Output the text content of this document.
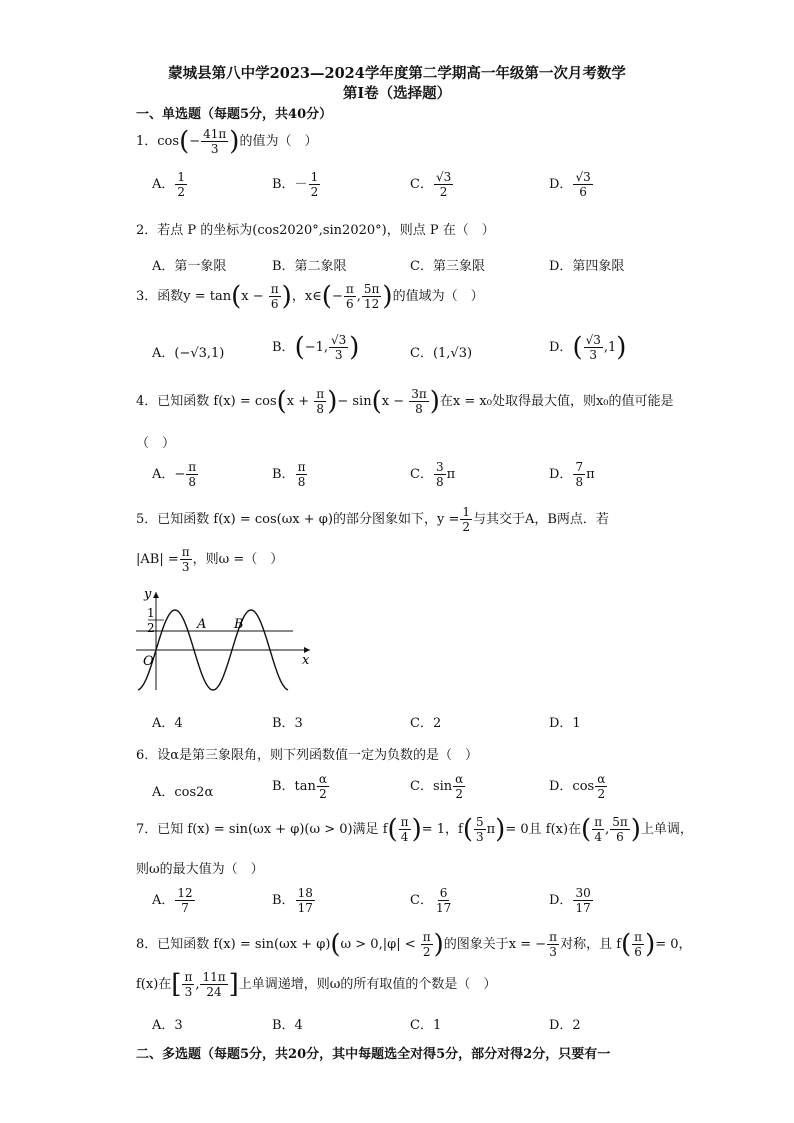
蒙城县第八中学2023—2024学年度第二学期高一年级第一次月考数学
第I卷（选择题）
一、单选题（每题5分，共40分）
1．$\cos(- \frac{41\pi}{3}$ )的值为（　）
A． $\frac{1}{2}$	B．－ $\frac{1}{2}$	C． $\frac{√3}{2}$	D． $\frac{√3}{6}$
2．若点 P 的坐标为(cos2020°,sin2020°)，则点 P 在（　）
A．第一象限	B．第二象限	C．第三象限	D．第四象限
3．函数$y = \tan(x - \frac{\pi}{6}$ )，x∈(− $\frac{\pi}{6}$ , $\frac{5\pi}{12}$ )的值域为（　）
A．(−√3,1)	B．(−1, $\frac{√3}{3}$ )	C．(1,√3)	D．( $\frac{√3}{3} ,1$)
4．已知函数 $f(x) = \cos(x + \frac{\pi}{8}$ )− $\sin(x - \frac{3\pi}{8}$ )在x = x₀处取得最大值，则x₀的值可能是
（　）
A．− $\frac{\pi}{8}$	B． $\frac{\pi}{8}$	C． $\frac{3}{8}$ π	D． $\frac{7}{8}$ π
5．已知函数 f(x) = cos(ωx + φ)的部分图象如下，$y = \frac{1}{2}$ 与其交于A，B两点．若
$|AB| = \frac{\pi}{3}$ ，则ω =（　）
y
x
O
1
2	A B
A．4	B．3	C．2	D．1
6．设α是第三象限角，则下列函数值一定为负数的是（　）
A．cos2α	B．$\tan \frac{\alpha}{2}$	C．$\sin \frac{\alpha}{2}$	D．$\cos \frac{\alpha}{2}$
7．已知 f(x) = sin(ωx + φ)(ω > 0)满足 $f( \frac{\pi}{4}$ )= 1，$f( \frac{5}{3} \pi)= 0$且 f(x)在( $\frac{\pi}{4}$ , $\frac{5\pi}{6}$ )上单调，
则ω的最大值为（　）
A． $\frac{12}{7}$	B． $\frac{18}{17}$	C． $\frac{6}{17}$	D． $\frac{30}{17}$
8．已知函数 $f(x) = \sin(\omega x + \varphi)(\omega > 0,|\varphi| < \frac{\pi}{2}$ )的图象关于x = − $\frac{\pi}{3}$ 对称，且 $f( \frac{\pi}{6}$ )= 0，
f(x)在[ $\frac{\pi}{3}$ , $\frac{11\pi}{24}$ ]上单调递增，则ω的所有取值的个数是（　）
A．3	B．4	C．1	D．2
二、多选题（每题5分，共20分，其中每题选全对得5分，部分对得2分，只要有一
